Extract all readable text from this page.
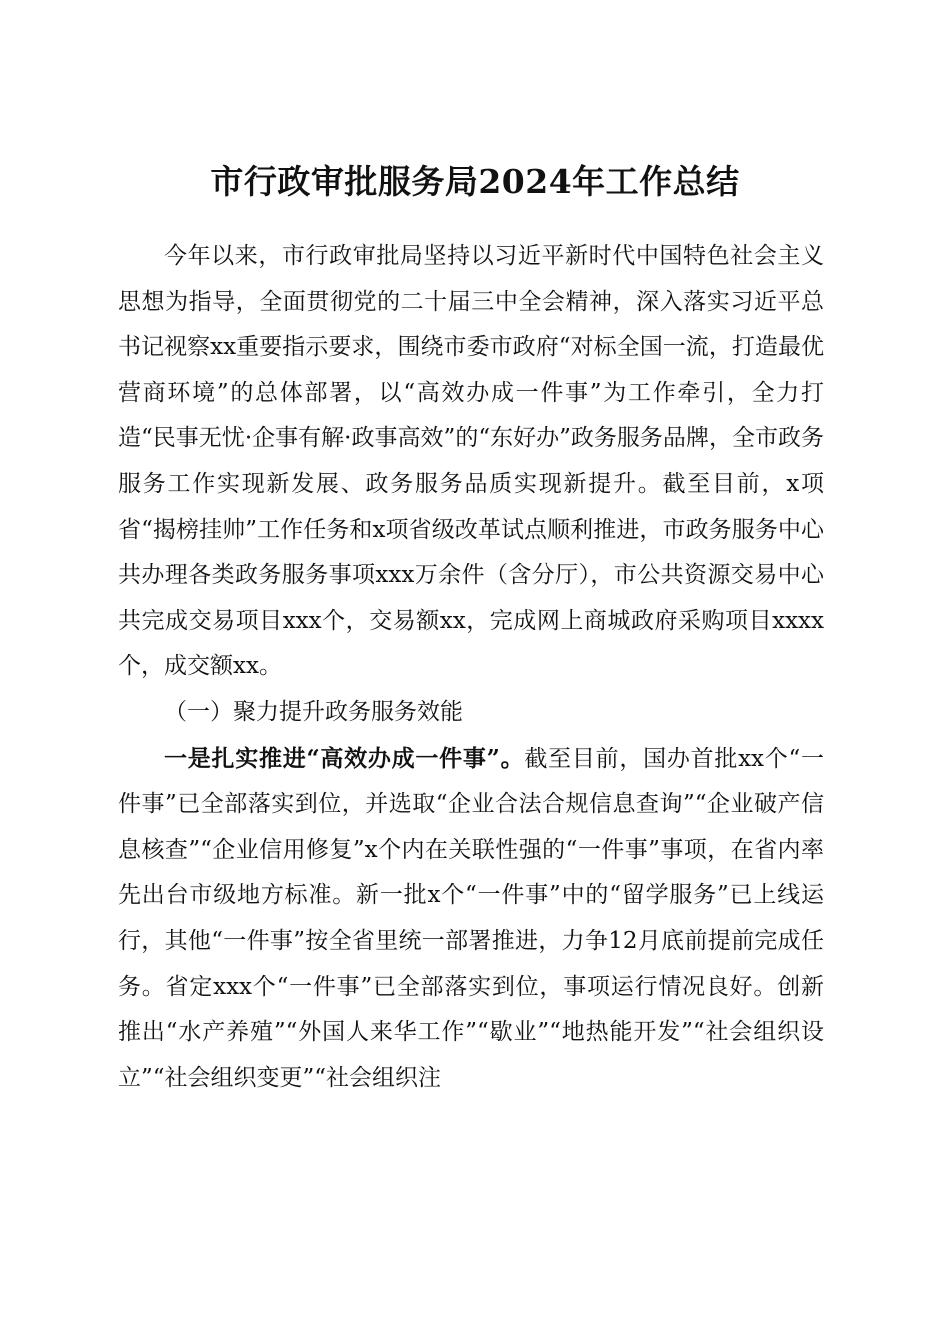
市行政审批服务局2024年工作总结

今年以来，市行政审批局坚持以习近平新时代中国特色社会主义思想为指导，全面贯彻党的二十届三中全会精神，深入落实习近平总书记视察xx重要指示要求，围绕市委市政府“对标全国一流，打造最优营商环境”的总体部署，以“高效办成一件事”为工作牵引，全力打造“民事无忧·企事有解·政事高效”的“东好办”政务服务品牌，全市政务服务工作实现新发展、政务服务品质实现新提升。截至目前，x项省“揭榜挂帅”工作任务和x项省级改革试点顺利推进，市政务服务中心共办理各类政务服务事项xxx万余件（含分厅），市公共资源交易中心共完成交易项目xxx个，交易额xx，完成网上商城政府采购项目xxxx个，成交额xx。

（一）聚力提升政务服务效能

一是扎实推进“高效办成一件事”。截至目前，国办首批xx个“一件事”已全部落实到位，并选取“企业合法合规信息查询”“企业破产信息核查”“企业信用修复”x个内在关联性强的“一件事”事项，在省内率先出台市级地方标准。新一批x个“一件事”中的“留学服务”已上线运行，其他“一件事”按全省里统一部署推进，力争12月底前提前完成任务。省定xxx个“一件事”已全部落实到位，事项运行情况良好。创新推出“水产养殖”“外国人来华工作”“歇业”“地热能开发”“社会组织设立”“社会组织变更”“社会组织注
